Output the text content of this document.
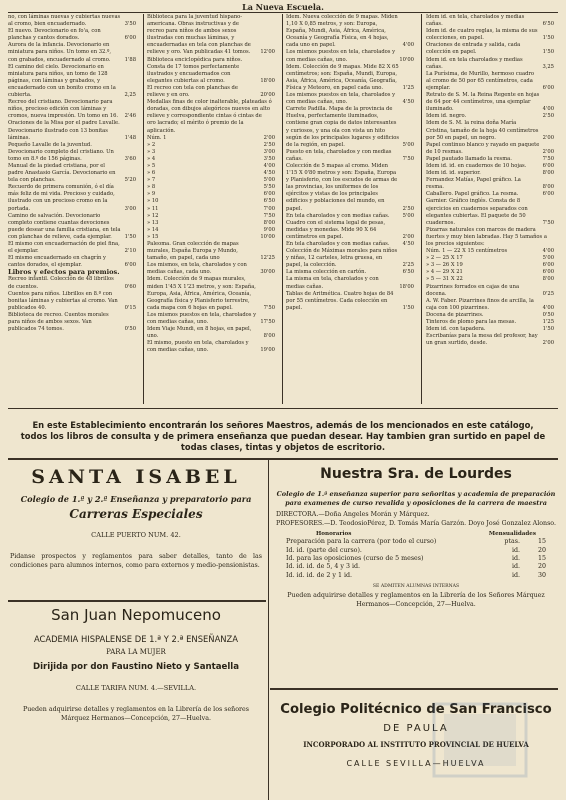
La Nueva Escuela.
no, con láminas nuevas y cubiertas nuevas al cromo, bien encuadernado.	3'50
El nuevo. Devocionario en fo'a, con planchas y cantos dorados.	6'00
Aurora de la infancia. Devocionario en miniatura para niños. Un tomo en 32.º, con grabados, encuadernado al cromo.	1'88
El camino del cielo. Devocionario en miniatura para niños, un tomo de 128 páginas, con láminas y grabados, y encuadernado con un bonito cromo en la cubierta.	2,25
Recreo del cristiano. Devocionario para niños, precioso edición con láminas y cromos, nueva impresión. Un tomo en 16.	2'46
Oraciones de la Misa por el padre Luvalle. Devocionario ilustrado con 13 bonitas láminas.	1'48
Pequeño Lavalle de la juventud. Devocionario completo del cristiano. Un tomo en 8.º de 156 páginas.	3'60
Manual de la piedad cristiana, por el padre Anastasio García. Devocionario en tela con planchas.	5'20
Recuerdo de primera comunión, ó el día más feliz de mi vida. Precioso y cuidado, ilustrado con un precioso cromo en la portada.	3'00
Camino de salvación. Devocionario completo contiene cuantas devociones puede desear una familia cristiana, en tela con planchas de relieve, cada ejemplar.	1'50
El mismo con encuadernación de piel fina, el ejemplar.	2'10
El mismo encuadernado en chagrín y cantos dorados, el ejemplar.	6'00
Libros y efectos para premios.
Recreo infantil. Colección de 48 librillos de cuentos.	0'60
Cuentos para niños. Librillos en 8.º con bonitas láminas y cubiertas al cromo. Van publicados 40.	0'15
Biblioteca de recreo. Cuentos morales para niños de ambos sexos. Van publicados 74 tomos.	0'50
Biblioteca para la juventud hispano-americana. Obras instructivas y de recreo para niños de ambos sexos ilustradas con muchas láminas, y encuadernadas en tela con planchas de relieve y oro. Van publicadas 41 tomos.	12'00
Biblioteca enciclopédica para niños. Consta de 17 tomos perfectamente ilustrados y encuadernados con elegantes cubiertas al cromo.	18'00
El recreo con tela con planchas de relieve y en oro.	20'00
Medallas finas de color inalterable, plateadas ó doradas, con dibujos alegóricos nuevos en alto relieve y correspondiente cintas ó cintas de oro lacrado; el mérito ó premio de la aplicación.
Núm. 1	2'00
» 2	2'50
» 3	3'00
» 4	3'50
» 5	4'00
» 6	4'50
» 7	5'00
» 8	5'50
» 9	6'00
» 10	6'50
» 11	7'00
» 12	7'50
» 13	8'00
» 14	9'00
» 15	10'00
Paleoma. Gran colección de mapas murales, España Europa y Mundo, tamaño, en papel, cada uno	12'25
Los mismos, en tela, charolados y con medias cañas, cada uno.	30'00
Idem. Colección de 9 mapas murales, miden 1'45 X 1'23 metros, y son: España, Europa, Asia, África, América, Oceanía, Geografía física y Planisferio terrestre, cada mapa con 6 hojas en papel.	7'50
Los mismos puestos en tela, charolados y con medias cañas, uno.	17'50
Idem Viaje Mundi, en 8 hojas, en papel, uno.	8'00
El mismo, puesto en tela, charolados y con medias cañas, uno.	19'00
Idem. Nueva colección de 9 mapas. Miden 1,10 X 0,85 metros, y son: Europa, España, Mundi, Asia, África, América, Oceanía y Geografía Física, en 4 hojas, cada uno en papel.	4'00
Los mismos puestos en tela, charolados y con medias cañas, uno.	10'00
Idem. Colección de 9 mapas. Mide 82 X 65 centímetros; son: España, Mundi, Europa, Asia, África, América, Oceanía, Geografía, Física y Meteoro, en papel cada uno.	1'25
Los mismos puestos en tela, charolados y con medias cañas, uno.	4'50
Carrete Padilla. Mapa de la provincia de Huelva, perfectamente iluminados, contiene gran copia de datos interesantes y curiosos, y una ola con vista un hito según de los principales lugares y edificios de la región, en papel.	5'00
Puesto en tela, charolados y con medias cañas.	7'50
Colección de 5 mapas al cromo. Miden 1'15 X 0'80 metros y son: España, Europa y Planisferio, con los escudos de armas de las provincias, los uniformes de los ejércitos y vistas de los principales edificios y poblaciones del mundo, en papel.	2'50
En tela charolados y con medias cañas.	5'00
Cuadro con el sistema legal de pesas, medidas y monedas. Mide 90 X 64 centímetros en papel.	2'00
En tela charolados y con medias cañas.	4'50
Colección de Máximas morales para niños y niñas, 12 carteles, letra gruesa, en papel, la colección.	2'25
La misma colección en cartón.	6'50
La misma en tela, charolados y con medias cañas.	18'00
Tablas de Aritmética. Cuatro hojas de 84 por 55 centímetros. Cada colección en papel.	1'50
Idem id. en tela, charolados y medias cañas.	6'50
Idem id. de cuatro reglas, la misma de sus colecciones, en papel.	1'50
Oraciones de entrada y salida, cada colección en papel.	1'50
Idem id. en tela charolados y medias cañas.	3,25
La Purísima, de Murillo, hermoso cuadro al cromo de 50 por 65 centímetros, cada ejemplar.	6'00
Retrato de S. M. la Reina Regente en hojas de 64 por 44 centímetros, una ejemplar iluminado.	4'00
Idem id. negro.	2'50
Idem de S. M. la reina doña María Cristina, tamaño de la hoja 40 centímetros por 50 en papel, un negro.	2'00
Papel continuo blanco y rayado en paquete de 10 resmas.	2'00
Papel pautado llamado la resma.	7'50
Idem id. id. en cuadernos de 10 hojas.	6'00
Idem id. id. superior.	8'00
Fernandez Matías, Papel gráfico. La resma.	8'00
Caballero. Papel gráfico. La resma.	6'00
Garnier. Gráfico inglés. Consta de 8 ejercicios en cuadernos separados con elegantes cubiertas. El paquete de 50 cuadernos.	7'50
Pizarras naturales con marcos de madera fuertes y muy bien labradas. Hay 5 tamaños a los precios siguientes:
Núm. 1 — 22 X 15 centímetros	4'00
» 2 — 25 X 17	5'00
» 3 — 26 X 19	6'00
» 4 — 29 X 21	6'00
» 5 — 31 X 22	8'00
Pizarrines forrados en cajas de una docena.	0'25
A. W. Faber. Pizarrines finos de arcilla, la caja con 100 pizarrines.	4'00
Docena de pizarrines.	0'50
Tinteros de plomo para las mesas.	1'25
Idem id. con tapadera.	1'50
Escribanías para la mesa del profesor, hay un gran surtido, desde.	2'00
En este Establecimiento encontrarán los señores Maestros, además de los mencionados en este catálogo, todos los libros de consulta y de primera enseñanza que puedan desear. Hay tambien gran surtido en papel de todas clases, tintas y objetos de escritorio.
SANTA ISABEL
Colegio de 1.ª y 2.ª Enseñanza y preparatorio para
Carreras Especiales
CALLE PUERTO NUM. 42.
Pidanse prospectos y reglamentos para saber detalles, tanto de las condiciones para alumnos internos, como para externos y medio-pensionistas.
San Juan Nepomuceno
ACADEMIA HISPALENSE DE 1.ª Y 2.ª ENSEÑANZA
PARA LA MUJER
Dirijida por don Faustino Nieto y Santaella
CALLE TARIFA NUM. 4.—SEVILLA.
Pueden adquirirse detalles y reglamentos en la Librería de los señores Márquez Hermanos—Concepción, 27—Huelva.
Nuestra Sra. de Lourdes
Colegio de 1.ª enseñanza superior para señoritas y academia de preparación para examenes de curso revalida y oposiciones de la carrera de maestra
DIRECTORA.—Doña Angeles Morán y Márquez.
PROFESORES.—D. TeodosioPérez, D. Tomás María Garzón. Doyo José Gonzalez Alonso.
Honorarios	Mensualidades
Preparación para la carrera (por todo el curso)	ptas.	15
Id. id. (parte del curso).	id.	20
Id. para las oposiciones (curso de 5 meses)	id.	15
Id. id. id. de 5, 4 y 3 id.	id.	20
Id. id. id. de 2 y 1 id.	id.	30
SE ADMITEN ALUMNAS INTERNAS
Pueden adquirirse detalles y reglamentos en la Librería de los Señores Márquez Hermanos—Concepción, 27—Huelva.
Colegio Politécnico de San Francisco
DE PAULA
INCORPORADO AL INSTITUTO PROVINCIAL DE HUELVA
CALLE SEVILLA—HUELVA
